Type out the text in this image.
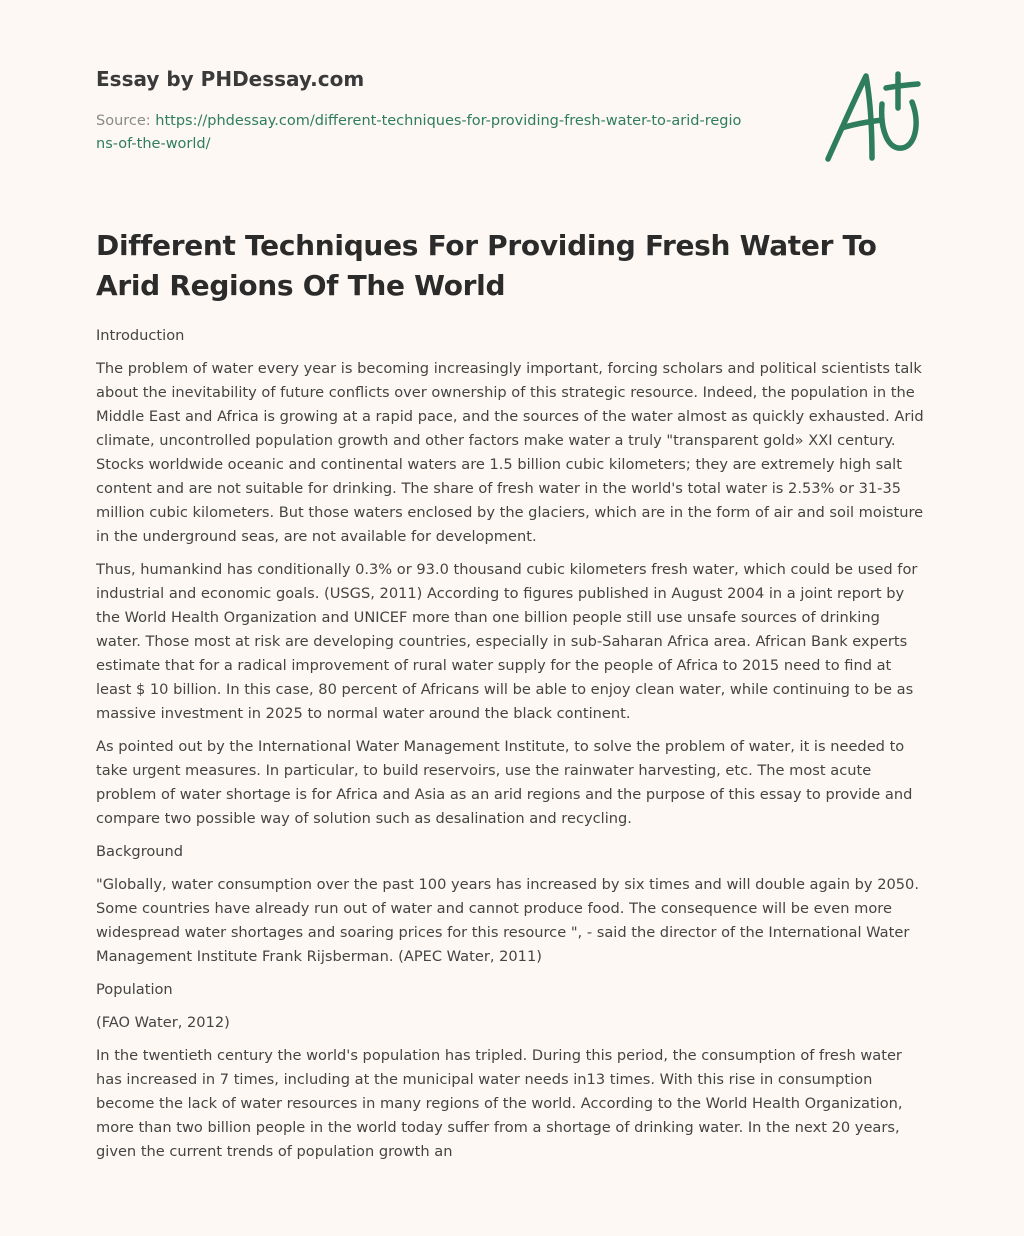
Essay by PHDessay.com
Source: https://phdessay.com/different-techniques-for-providing-fresh-water-to-arid-regions-of-the-world/
Different Techniques For Providing Fresh Water To Arid Regions Of The World

Introduction

The problem of water every year is becoming increasingly important, forcing scholars and political scientists talk about the inevitability of future conflicts over ownership of this strategic resource. Indeed, the population in the Middle East and Africa is growing at a rapid pace, and the sources of the water almost as quickly exhausted. Arid climate, uncontrolled population growth and other factors make water a truly "transparent gold» XXI century. Stocks worldwide oceanic and continental waters are 1.5 billion cubic kilometers; they are extremely high salt content and are not suitable for drinking. The share of fresh water in the world's total water is 2.53% or 31-35 million cubic kilometers. But those waters enclosed by the glaciers, which are in the form of air and soil moisture in the underground seas, are not available for development.

Thus, humankind has conditionally 0.3% or 93.0 thousand cubic kilometers fresh water, which could be used for industrial and economic goals. (USGS, 2011) According to figures published in August 2004 in a joint report by the World Health Organization and UNICEF more than one billion people still use unsafe sources of drinking water. Those most at risk are developing countries, especially in sub-Saharan Africa area. African Bank experts estimate that for a radical improvement of rural water supply for the people of Africa to 2015 need to find at least $ 10 billion. In this case, 80 percent of Africans will be able to enjoy clean water, while continuing to be as massive investment in 2025 to normal water around the black continent.

As pointed out by the International Water Management Institute, to solve the problem of water, it is needed to take urgent measures. In particular, to build reservoirs, use the rainwater harvesting, etc. The most acute problem of water shortage is for Africa and Asia as an arid regions and the purpose of this essay to provide and compare two possible way of solution such as desalination and recycling.

Background

"Globally, water consumption over the past 100 years has increased by six times and will double again by 2050. Some countries have already run out of water and cannot produce food. The consequence will be even more widespread water shortages and soaring prices for this resource ", - said the director of the International Water Management Institute Frank Rijsberman. (APEC Water, 2011)

Population

(FAO Water, 2012)

In the twentieth century the world's population has tripled. During this period, the consumption of fresh water has increased in 7 times, including at the municipal water needs in13 times. With this rise in consumption become the lack of water resources in many regions of the world. According to the World Health Organization, more than two billion people in the world today suffer from a shortage of drinking water. In the next 20 years, given the current trends of population growth an
